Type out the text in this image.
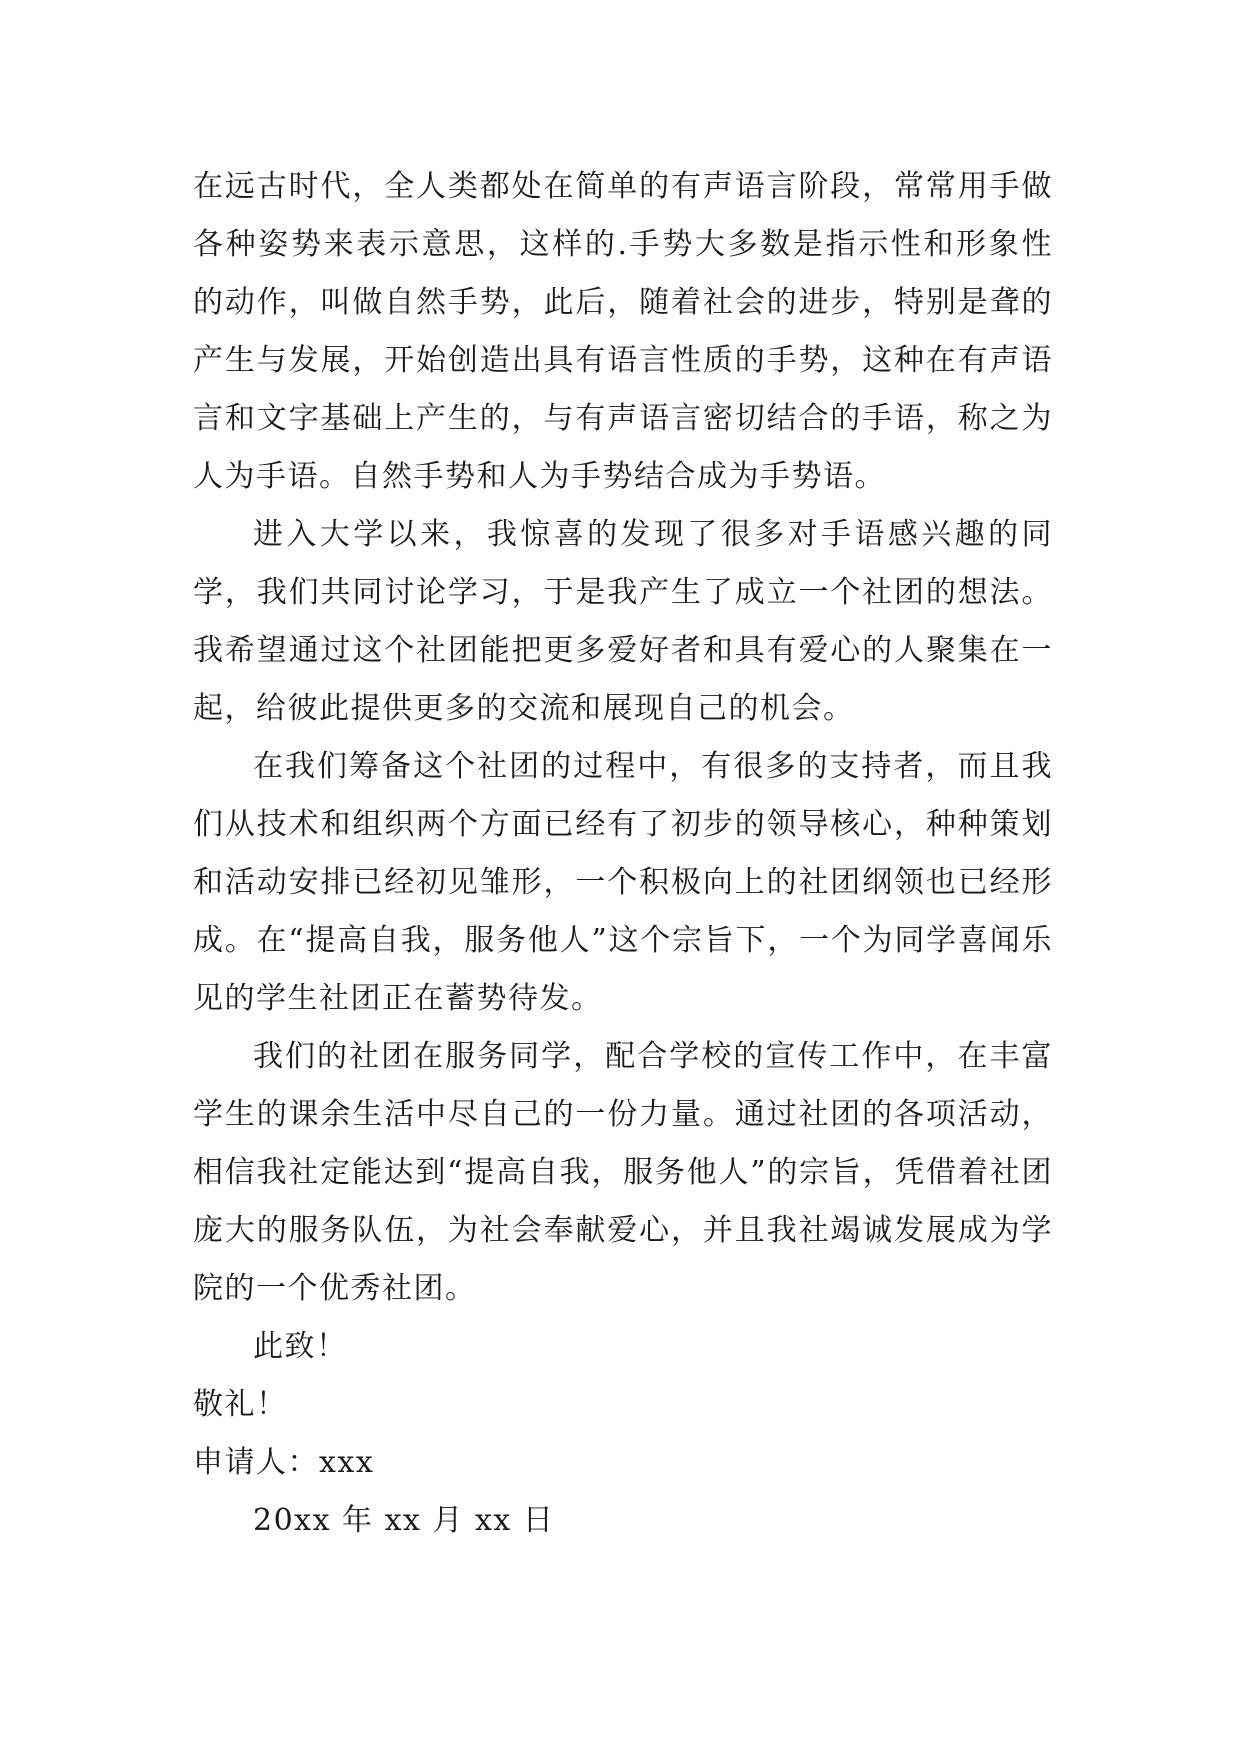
在远古时代，全人类都处在简单的有声语言阶段，常常用手做各种姿势来表示意思，这样的.手势大多数是指示性和形象性的动作，叫做自然手势，此后，随着社会的进步，特别是聋的产生与发展，开始创造出具有语言性质的手势，这种在有声语言和文字基础上产生的，与有声语言密切结合的手语，称之为人为手语。自然手势和人为手势结合成为手势语。

进入大学以来，我惊喜的发现了很多对手语感兴趣的同学，我们共同讨论学习，于是我产生了成立一个社团的想法。我希望通过这个社团能把更多爱好者和具有爱心的人聚集在一起，给彼此提供更多的交流和展现自己的机会。

在我们筹备这个社团的过程中，有很多的支持者，而且我们从技术和组织两个方面已经有了初步的领导核心，种种策划和活动安排已经初见雏形，一个积极向上的社团纲领也已经形成。在“提高自我，服务他人”这个宗旨下，一个为同学喜闻乐见的学生社团正在蓄势待发。

我们的社团在服务同学，配合学校的宣传工作中，在丰富学生的课余生活中尽自己的一份力量。通过社团的各项活动，相信我社定能达到“提高自我，服务他人”的宗旨，凭借着社团庞大的服务队伍，为社会奉献爱心，并且我社竭诚发展成为学院的一个优秀社团。

此致！

敬礼！

申请人：xxx

20xx 年 xx 月 xx 日
